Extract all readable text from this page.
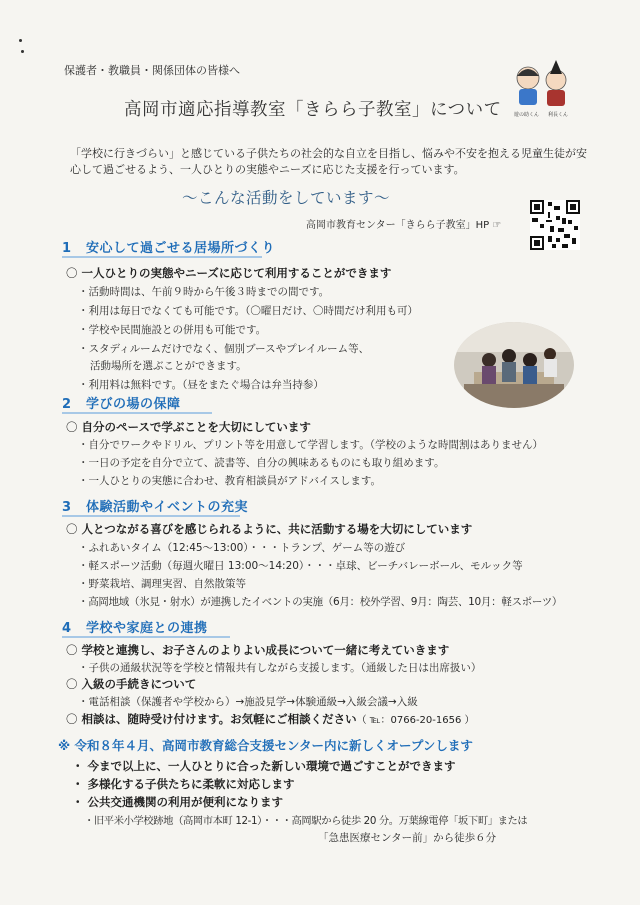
保護者・教職員・関係団体の皆様へ
高岡市適応指導教室「きらら子教室」について 遊の助くん 利長くん
「学校に行きづらい」と感じている子供たちの社会的な自立を目指し、悩みや不安を抱える児童生徒が安心して過ごせるよう、一人ひとりの実態やニーズに応じた支援を行っています。
〜こんな活動をしています〜
高岡市教育センター「きらら子教室」HP ☞
1 安心して過ごせる居場所づくり
〇 一人ひとりの実態やニーズに応じて利用することができます
・活動時間は、午前９時から午後３時までの間です。
・利用は毎日でなくても可能です。（〇曜日だけ、〇時間だけ利用も可）
・学校や民間施設との併用も可能です。
・スタディルームだけでなく、個別ブースやプレイルーム等、
活動場所を選ぶことができます。
・利用料は無料です。（昼をまたぐ場合は弁当持参）
2 学びの場の保障
〇 自分のペースで学ぶことを大切にしています
・自分でワークやドリル、プリント等を用意して学習します。（学校のような時間割はありません）
・一日の予定を自分で立て、読書等、自分の興味あるものにも取り組めます。
・一人ひとりの実態に合わせ、教育相談員がアドバイスします。
3 体験活動やイベントの充実
〇 人とつながる喜びを感じられるように、共に活動する場を大切にしています
・ふれあいタイム（12:45〜13:00）・・・トランプ、ゲーム等の遊び
・軽スポーツ活動（毎週火曜日 13:00〜14:20）・・・卓球、ビーチバレーボール、モルック等
・野菜栽培、調理実習、自然散策等
・高岡地域（氷見・射水）が連携したイベントの実施（6月：校外学習、9月：陶芸、10月：軽スポーツ）
4 学校や家庭との連携
〇 学校と連携し、お子さんのよりよい成長について一緒に考えていきます
・子供の通級状況等を学校と情報共有しながら支援します。（通級した日は出席扱い）
〇 入級の手続きについて
・電話相談（保護者や学校から）→施設見学→体験通級→入級会議→入級
〇 相談は、随時受け付けます。お気軽にご相談ください（ ℡：0766-20-1656 ）
※ 令和８年４月、高岡市教育総合支援センター内に新しくオープンします
・ 今まで以上に、一人ひとりに合った新しい環境で過ごすことができます
・ 多様化する子供たちに柔軟に対応します
・ 公共交通機関の利用が便利になります
・旧平米小学校跡地（高岡市本町 12-1）・・・高岡駅から徒歩 20 分。万葉線電停「坂下町」または
「急患医療センター前」から徒歩６分
